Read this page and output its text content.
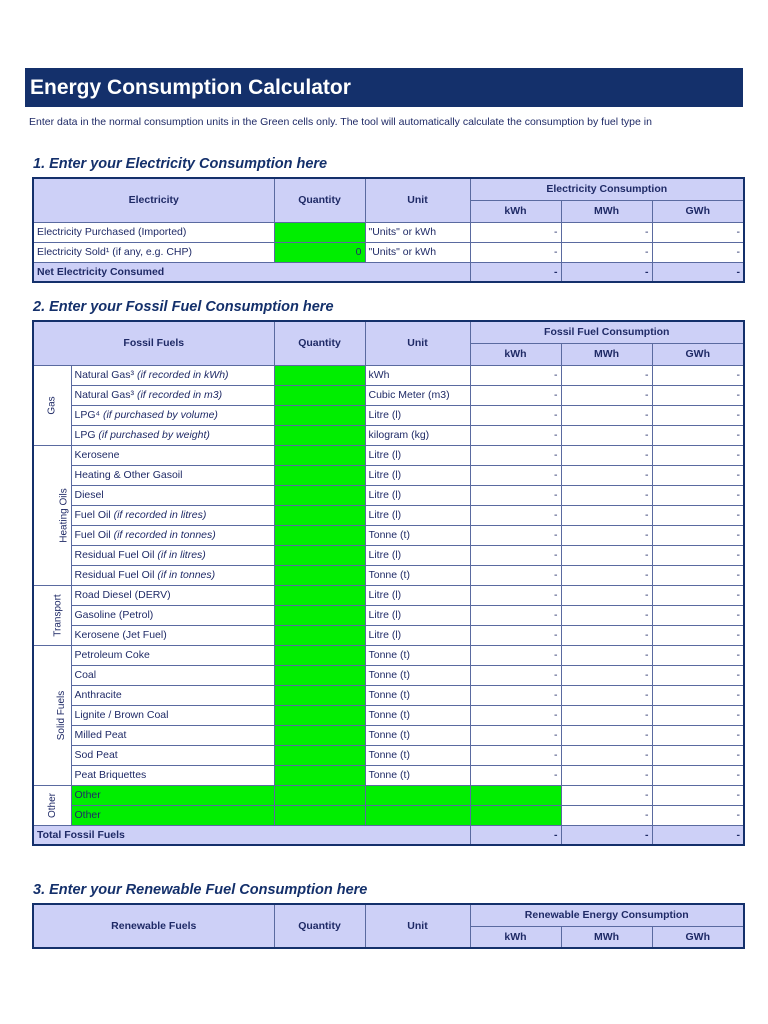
Energy Consumption Calculator
Enter data in the normal consumption units in the Green cells only. The tool will automatically calculate the consumption by fuel type in
1. Enter your Electricity Consumption here
Electricity	Quantity	Unit	Electricity Consumption		
			kWh	MWh	GWh
Electricity Purchased (Imported)		"Units" or kWh	-	-	-
Electricity Sold¹ (if any, e.g. CHP)	0	"Units" or kWh	-	-	-
Net Electricity Consumed			-	-	-
2. Enter your Fossil Fuel Consumption here
Fossil Fuels		Quantity	Unit	Fossil Fuel Consumption		
				kWh	MWh	GWh
Gas	Natural Gas³ (if recorded in kWh)		kWh	-	-	-
	Natural Gas³ (if recorded in m3)		Cubic Meter (m3)	-	-	-
	LPG⁴ (if purchased by volume)		Litre (l)	-	-	-
	LPG (if purchased by weight)		kilogram (kg)	-	-	-
Heating Oils	Kerosene		Litre (l)	-	-	-
	Heating & Other Gasoil		Litre (l)	-	-	-
	Diesel		Litre (l)	-	-	-
	Fuel Oil (if recorded in litres)		Litre (l)	-	-	-
	Fuel Oil (if recorded in tonnes)		Tonne (t)	-	-	-
	Residual Fuel Oil (if in litres)		Litre (l)	-	-	-
	Residual Fuel Oil (if in tonnes)		Tonne (t)	-	-	-
Transport	Road Diesel (DERV)		Litre (l)	-	-	-
	Gasoline (Petrol)		Litre (l)	-	-	-
	Kerosene (Jet Fuel)		Litre (l)	-	-	-
Solid Fuels	Petroleum Coke		Tonne (t)	-	-	-
	Coal		Tonne (t)	-	-	-
	Anthracite		Tonne (t)	-	-	-
	Lignite / Brown Coal		Tonne (t)	-	-	-
	Milled Peat		Tonne (t)	-	-	-
	Sod Peat		Tonne (t)	-	-	-
	Peat Briquettes		Tonne (t)	-	-	-
Other	Other				-	-
	Other				-	-
Total Fossil Fuels				-	-	-
3. Enter your Renewable Fuel Consumption here
Renewable Fuels	Quantity	Unit	Renewable Energy Consumption		
			kWh	MWh	GWh
